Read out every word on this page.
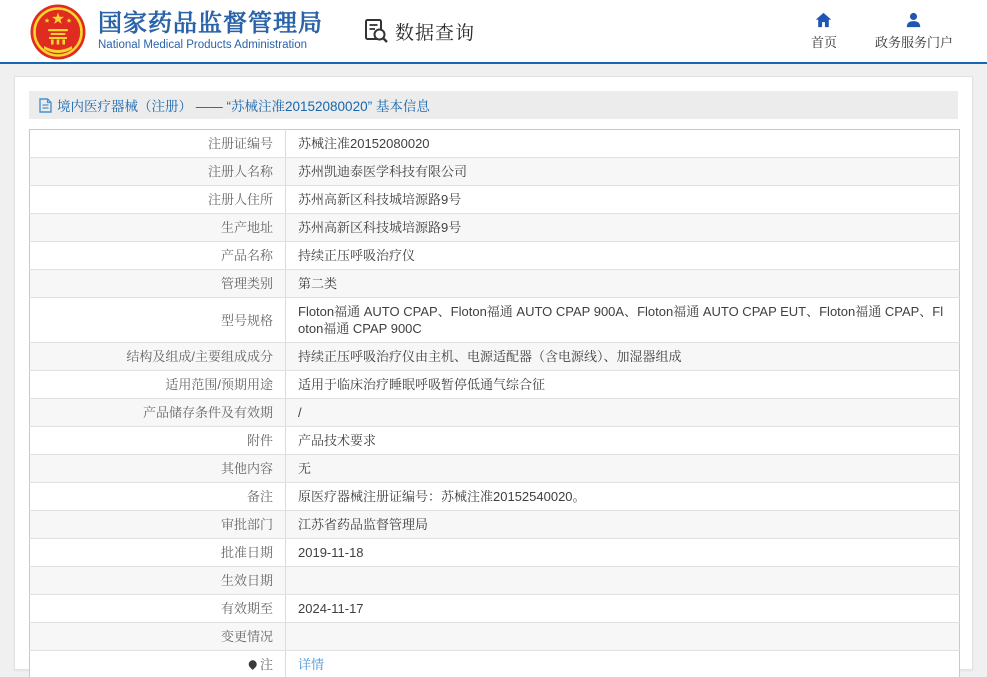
国家药品监督管理局
National Medical Products Administration
数据查询	首页	政务服务门户
境内医疗器械（注册） —— “苏械注准20152080020” 基本信息
注册证编号	苏械注准20152080020
注册人名称	苏州凯迪泰医学科技有限公司
注册人住所	苏州高新区科技城培源路9号
生产地址	苏州高新区科技城培源路9号
产品名称	持续正压呼吸治疗仪
管理类别	第二类
型号规格	Floton福通 AUTO CPAP、Floton福通 AUTO CPAP 900A、Floton福通 AUTO CPAP EUT、Floton福通 CPAP、Floton福通 CPAP 900C
结构及组成/主要组成成分	持续正压呼吸治疗仪由主机、电源适配器（含电源线）、加湿器组成
适用范围/预期用途	适用于临床治疗睡眠呼吸暂停低通气综合征
产品储存条件及有效期	/
附件	产品技术要求
其他内容	无
备注	原医疗器械注册证编号：苏械注准20152540020。
审批部门	江苏省药品监督管理局
批准日期	2019-11-18
生效日期	
有效期至	2024-11-17
变更情况	
注	详情
